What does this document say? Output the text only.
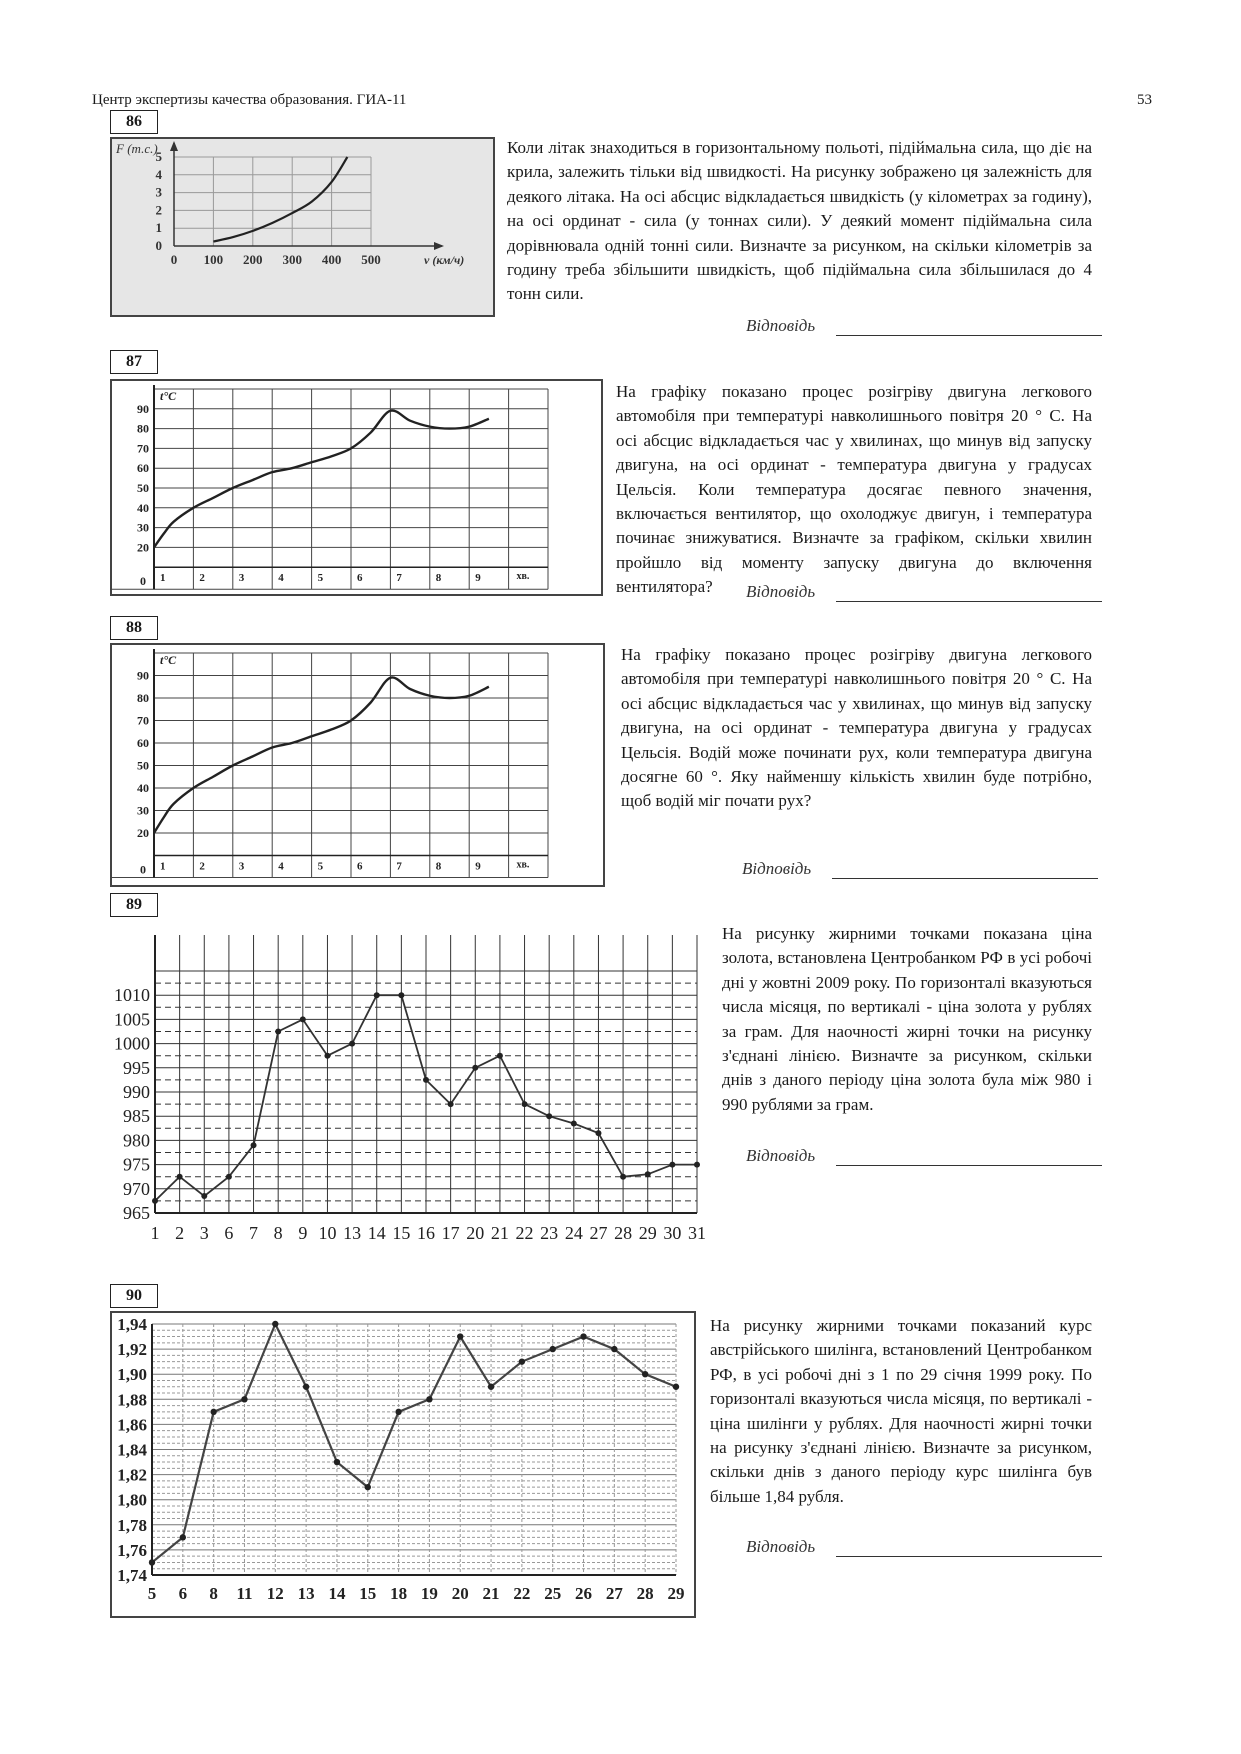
Центр экспертизы качества образования. ГИА-11	53
86
0 100 200 300 400 500
0
1
2
3
4
5
F (т.с.)
v (км/ч)
Коли літак знаходиться в горизонтальному польоті, підіймальна сила, що діє на крила, залежить тільки від швидкості. На рисунку зображено ця залежність для деякого літака. На осі абсцис відкладається швидкість (у кілометрах за годину), на осі ординат - сила (у тоннах сили). У деякий момент підіймальна сила дорівнювала одній тонні сили. Визначте за рисунком, на скільки кілометрів за годину треба збільшити швидкість, щоб підіймальна сила збільшилася до 4 тонн сили.
Відповідь
87
20
30
40
50
60
70
80
90
0 1	2	3	4	5	6	7	8	9
t°C
хв.
На графіку показано процес розігріву двигуна легкового автомобіля при температурі навколишнього повітря 20 ° С. На осі абсцис відкладається час у хвилинах, що минув від запуску двигуна, на осі ординат - температура двигуна у градусах Цельсія. Коли температура досягає певного значення, включається вентилятор, що охолоджує двигун, і температура починає знижуватися. Визначте за графіком, скільки хвилин пройшло від моменту запуску двигуна до включення вентилятора?	Відповідь
88
20
30
40
50
60
70
80
90
0 1	2	3	4	5	6	7	8	9
t°C
хв.
На графіку показано процес розігріву двигуна легкового автомобіля при температурі навколишнього повітря 20 ° С. На осі абсцис відкладається час у хвилинах, що минув від запуску двигуна, на осі ординат - температура двигуна у градусах Цельсія. Водій може починати рух, коли температура двигуна досягне 60 °. Яку найменшу кількість хвилин буде потрібно, щоб водій міг почати рух?
Відповідь
89
965
970
975
980
985
990
995
1000
1005
1010
1 2 3 6 7 8 9 10 13 14 15 16 17 20 21 22 23 24 27 28 29 30 31
На рисунку жирними точками показана ціна золота, встановлена Центробанком РФ в усі робочі дні у жовтні 2009 року. По горизонталі вказуються числа місяця, по вертикалі - ціна золота у рублях за грам. Для наочності жирні точки на рисунку з'єднані лінією. Визначте за рисунком, скільки днів з даного періоду ціна золота була між 980 і 990 рублями за грам.
Відповідь
90
1,74
1,76
1,78
1,80
1,82
1,84
1,86
1,88
1,90
1,92
1,94
5 6 8 11 12 13 14 15 18 19 20 21 22 25 26 27 28 29
На рисунку жирними точками показаний курс австрійського шилінга, встановлений Центробанком РФ, в усі робочі дні з 1 по 29 січня 1999 року. По горизонталі вказуються числа місяця, по вертикалі - ціна шилінги у рублях. Для наочності жирні точки на рисунку з'єднані лінією. Визначте за рисунком, скільки днів з даного періоду курс шилінга був більше 1,84 рубля.
Відповідь
